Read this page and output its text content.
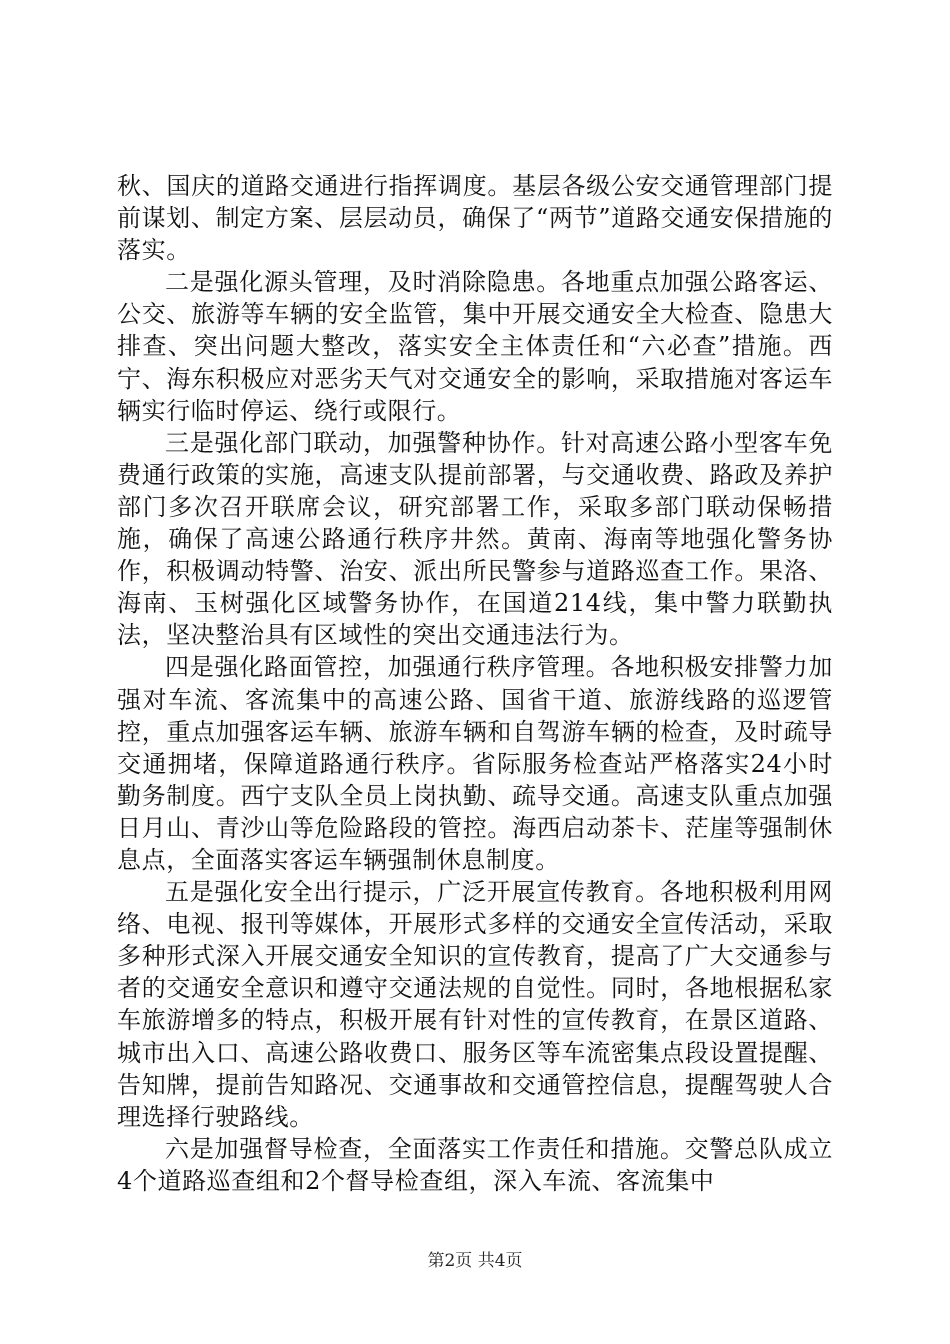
秋、国庆的道路交通进行指挥调度。基层各级公安交通管理部门提前谋划、制定方案、层层动员，确保了“两节”道路交通安保措施的落实。

二是强化源头管理，及时消除隐患。各地重点加强公路客运、公交、旅游等车辆的安全监管，集中开展交通安全大检查、隐患大排查、突出问题大整改，落实安全主体责任和“六必查”措施。西宁、海东积极应对恶劣天气对交通安全的影响，采取措施对客运车辆实行临时停运、绕行或限行。

三是强化部门联动，加强警种协作。针对高速公路小型客车免费通行政策的实施，高速支队提前部署，与交通收费、路政及养护部门多次召开联席会议，研究部署工作，采取多部门联动保畅措施，确保了高速公路通行秩序井然。黄南、海南等地强化警务协作，积极调动特警、治安、派出所民警参与道路巡查工作。果洛、海南、玉树强化区域警务协作，在国道214线，集中警力联勤执法，坚决整治具有区域性的突出交通违法行为。

四是强化路面管控，加强通行秩序管理。各地积极安排警力加强对车流、客流集中的高速公路、国省干道、旅游线路的巡逻管控，重点加强客运车辆、旅游车辆和自驾游车辆的检查，及时疏导交通拥堵，保障道路通行秩序。省际服务检查站严格落实24小时勤务制度。西宁支队全员上岗执勤、疏导交通。高速支队重点加强日月山、青沙山等危险路段的管控。海西启动茶卡、茫崖等强制休息点，全面落实客运车辆强制休息制度。

五是强化安全出行提示，广泛开展宣传教育。各地积极利用网络、电视、报刊等媒体，开展形式多样的交通安全宣传活动，采取多种形式深入开展交通安全知识的宣传教育，提高了广大交通参与者的交通安全意识和遵守交通法规的自觉性。同时，各地根据私家车旅游增多的特点，积极开展有针对性的宣传教育，在景区道路、城市出入口、高速公路收费口、服务区等车流密集点段设置提醒、告知牌，提前告知路况、交通事故和交通管控信息，提醒驾驶人合理选择行驶路线。

六是加强督导检查，全面落实工作责任和措施。交警总队成立4个道路巡查组和2个督导检查组，深入车流、客流集中

第2页 共4页
